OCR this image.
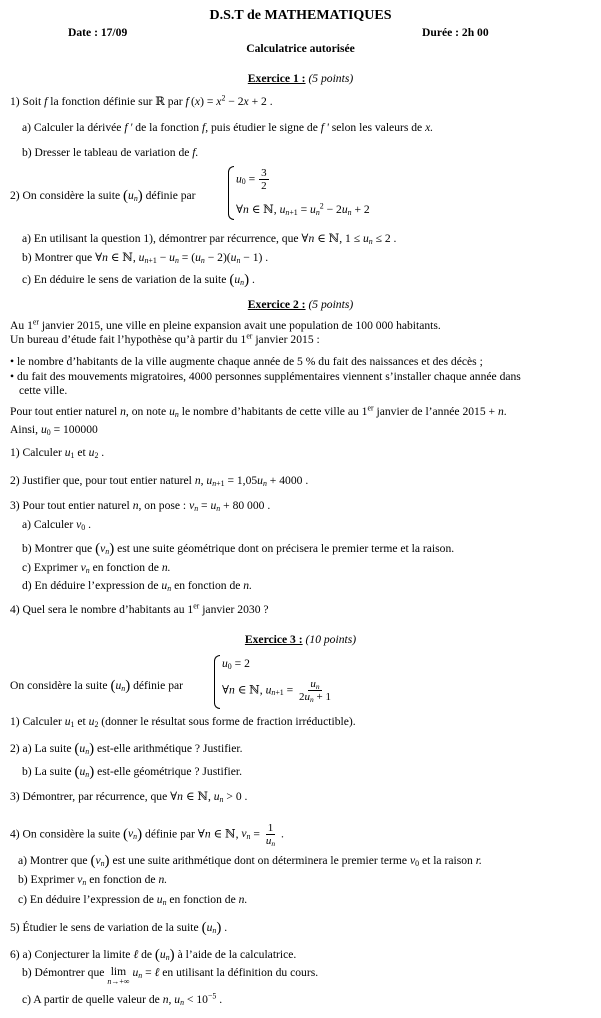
D.S.T de MATHEMATIQUES
Date : 17/09	Durée : 2h 00
Calculatrice autorisée
Exercice 1 : (5 points)
1) Soit f la fonction définie sur ℝ par f $(x) = x^2 - 2x + 2$ .
a) Calculer la dérivée f ' de la fonction f, puis étudier le signe de f ' selon les valeurs de x.
b) Dresser le tableau de variation de f.
2) On considère la suite $(u_n)$ définie par
$u_0 = \frac{3}{2}$
∀n ∈ ℕ, $u_{n+1} = u_n^2 - 2u_n + 2$
a) En utilisant la question 1), démontrer par récurrence, que ∀n ∈ ℕ, $1 \le u_n \le 2$ .
b) Montrer que ∀n ∈ ℕ, $u_{n+1} - u_n = (u_n - 2)(u_n - 1)$ .
c) En déduire le sens de variation de la suite $(u_n)$ .
Exercice 2 : (5 points)
Au 1er janvier 2015, une ville en pleine expansion avait une population de 100 000 habitants.
Un bureau d’étude fait l’hypothèse qu’à partir du 1er janvier 2015 :
• le nombre d’habitants de la ville augmente chaque année de 5 % du fait des naissances et des décès ;
• du fait des mouvements migratoires, 4000 personnes supplémentaires viennent s’installer chaque année dans
cette ville.
Pour tout entier naturel n, on note $u_n$ le nombre d’habitants de cette ville au 1er janvier de l’année 2015 + n.
Ainsi, $u_0 = 100000$
1) Calculer $u_1$ et $u_2$ .
2) Justifier que, pour tout entier naturel n, $u_{n+1} = 1,05u_n + 4000$ .
3) Pour tout entier naturel n, on pose : $v_n = u_n + 80$ 000 .
a) Calculer $v_0$ .
b) Montrer que $(v_n)$ est une suite géométrique dont on précisera le premier terme et la raison.
c) Exprimer $v_n$ en fonction de n.
d) En déduire l’expression de $u_n$ en fonction de n.
4) Quel sera le nombre d’habitants au 1er janvier 2030 ?
Exercice 3 : (10 points)
On considère la suite $(u_n)$ définie par
$u_0 = 2$
∀n ∈ ℕ, $u_{n+1} = \frac{u_n}{2u_n + 1}$
1) Calculer $u_1$ et $u_2$ (donner le résultat sous forme de fraction irréductible).
2) a) La suite $(u_n)$ est-elle arithmétique ? Justifier.
b) La suite $(u_n)$ est-elle géométrique ? Justifier.
3) Démontrer, par récurrence, que ∀n ∈ ℕ, $u_n > 0$ .
4) On considère la suite $(v_n)$ définie par ∀n ∈ ℕ, $v_n = \frac{1}{u_n}$ .
a) Montrer que $(v_n)$ est une suite arithmétique dont on déterminera le premier terme $v_0$ et la raison r.
b) Exprimer $v_n$ en fonction de n.
c) En déduire l’expression de $u_n$ en fonction de n.
5) Étudier le sens de variation de la suite $(u_n)$ .
6) a) Conjecturer la limite ℓ de $(u_n)$ à l’aide de la calculatrice.
b) Démontrer que lim
n→+∞
$u_n$ = ℓ en utilisant la définition du cours.
c) A partir de quelle valeur de n, $u_n < 10^{-5}$ .
